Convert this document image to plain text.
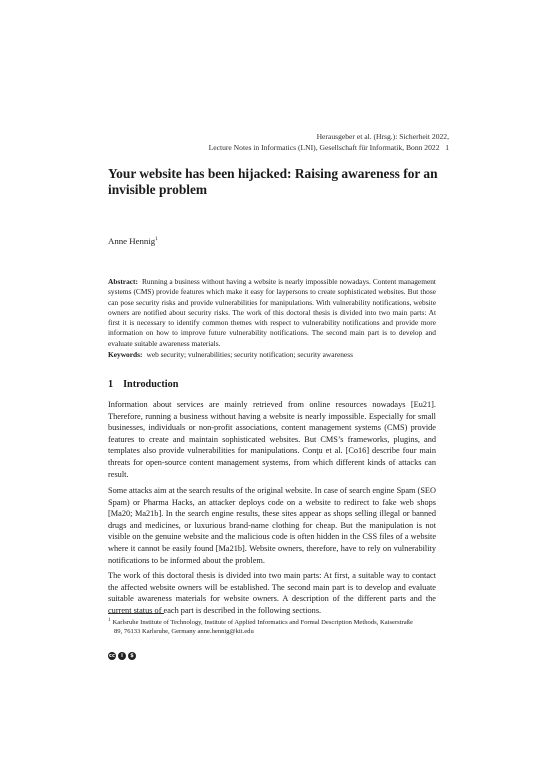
Herausgeber et al. (Hrsg.): Sicherheit 2022,
Lecture Notes in Informatics (LNI), Gesellschaft für Informatik, Bonn 2022 1
Your website has been hijacked: Raising awareness for an invisible problem
Anne Hennig$^1$
Abstract: Running a business without having a website is nearly impossible nowadays. Content management systems (CMS) provide features which make it easy for laypersons to create sophisticated websites. But those can pose security risks and provide vulnerabilities for manipulations. With vulnerability notifications, website owners are notified about security risks. The work of this doctoral thesis is divided into two main parts: At first it is necessary to identify common themes with respect to vulnerability notifications and provide more information on how to improve future vulnerability notifications. The second main part is to develop and evaluate suitable awareness materials.
Keywords: web security; vulnerabilities; security notification; security awareness
1 Introduction
Information about services are mainly retrieved from online resources nowadays [Eu21]. Therefore, running a business without having a website is nearly impossible. Especially for small businesses, individuals or non-profit associations, content management systems (CMS) provide features to create and maintain sophisticated websites. But CMS’s frameworks, plugins, and templates also provide vulnerabilities for manipulations. Conţu et al. [Co16] describe four main threats for open-source content management systems, from which different kinds of attacks can result.
Some attacks aim at the search results of the original website. In case of search engine Spam (SEO Spam) or Pharma Hacks, an attacker deploys code on a website to redirect to fake web shops [Ma20; Ma21b]. In the search engine results, these sites appear as shops selling illegal or banned drugs and medicines, or luxurious brand-name clothing for cheap. But the manipulation is not visible on the genuine website and the malicious code is often hidden in the CSS files of a website where it cannot be easily found [Ma21b]. Website owners, therefore, have to rely on vulnerability notifications to be informed about the problem.
The work of this doctoral thesis is divided into two main parts: At first, a suitable way to contact the affected website owners will be established. The second main part is to develop and evaluate suitable awareness materials for website owners. A description of the different parts and the current status of each part is described in the following sections.
$^1$ Karlsruhe Institute of Technology, Institute of Applied Informatics and Formal Description Methods, Kaiserstraße
89, 76133 Karlsruhe, Germany anne.hennig@kit.edu
cc	i	$
